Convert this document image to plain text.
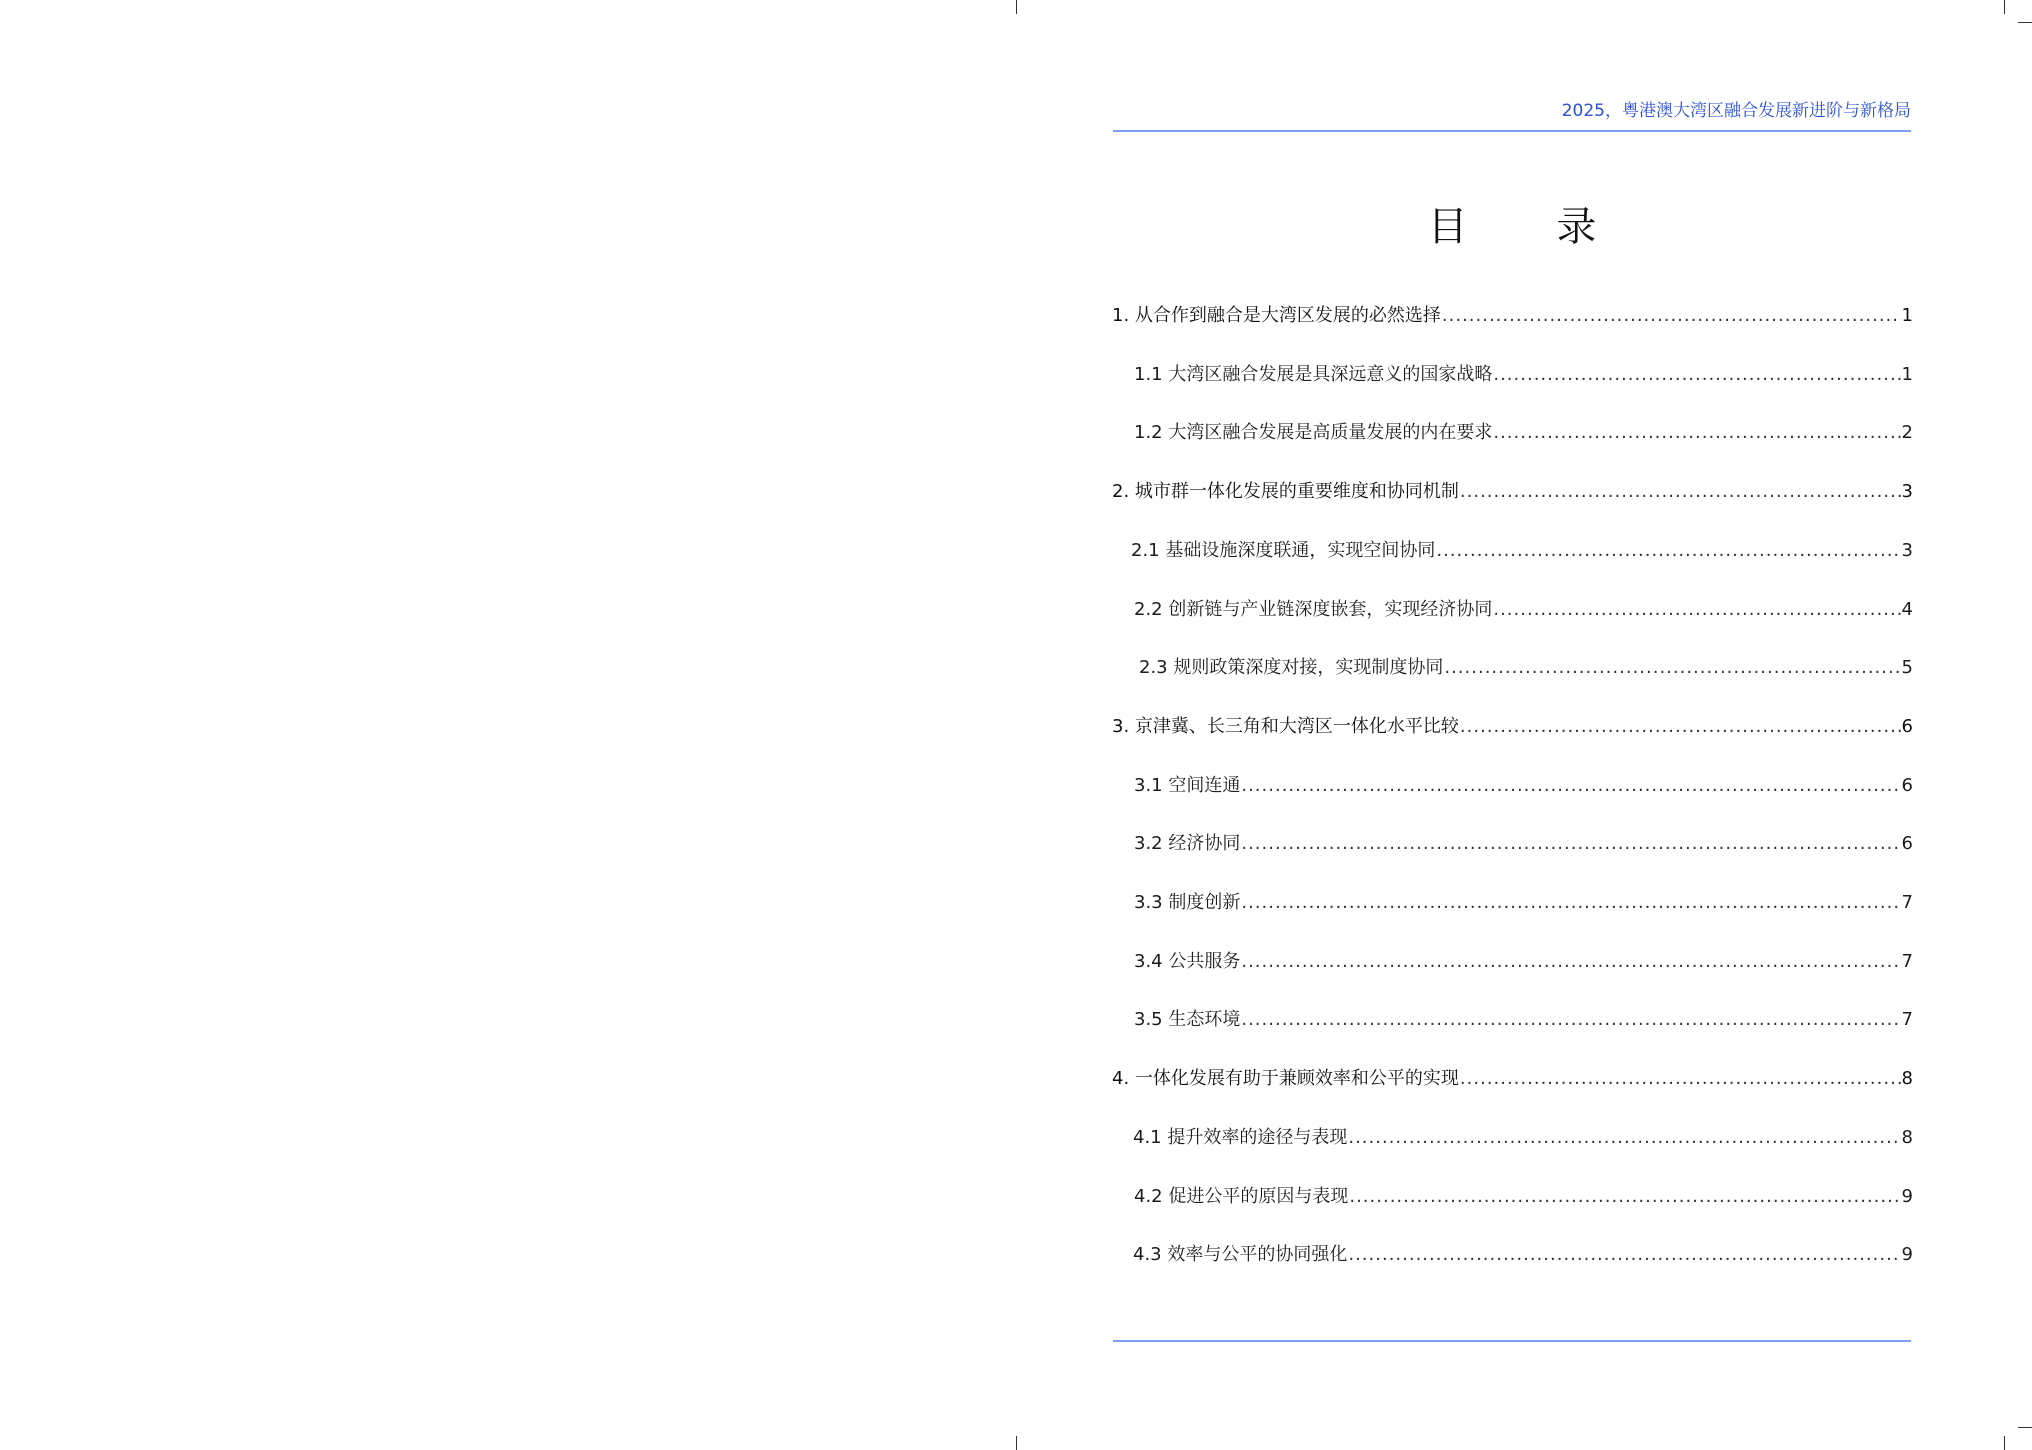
2025，粤港澳大湾区融合发展新进阶与新格局
目 录
1. 从合作到融合是大湾区发展的必然选择 .....	1
1.1 大湾区融合发展是具深远意义的国家战略 .....	1
1.2 大湾区融合发展是高质量发展的内在要求 .....	2
2. 城市群一体化发展的重要维度和协同机制 .....	3
2.1 基础设施深度联通，实现空间协同 .....	3
2.2 创新链与产业链深度嵌套，实现经济协同 .....	4
2.3 规则政策深度对接，实现制度协同 .....	5
3. 京津冀、长三角和大湾区一体化水平比较 .....	6
3.1 空间连通 .....	6
3.2 经济协同 .....	6
3.3 制度创新 .....	7
3.4 公共服务 .....	7
3.5 生态环境 .....	7
4. 一体化发展有助于兼顾效率和公平的实现 .....	8
4.1 提升效率的途径与表现 .....	8
4.2 促进公平的原因与表现 .....	9
4.3 效率与公平的协同强化 .....	9
